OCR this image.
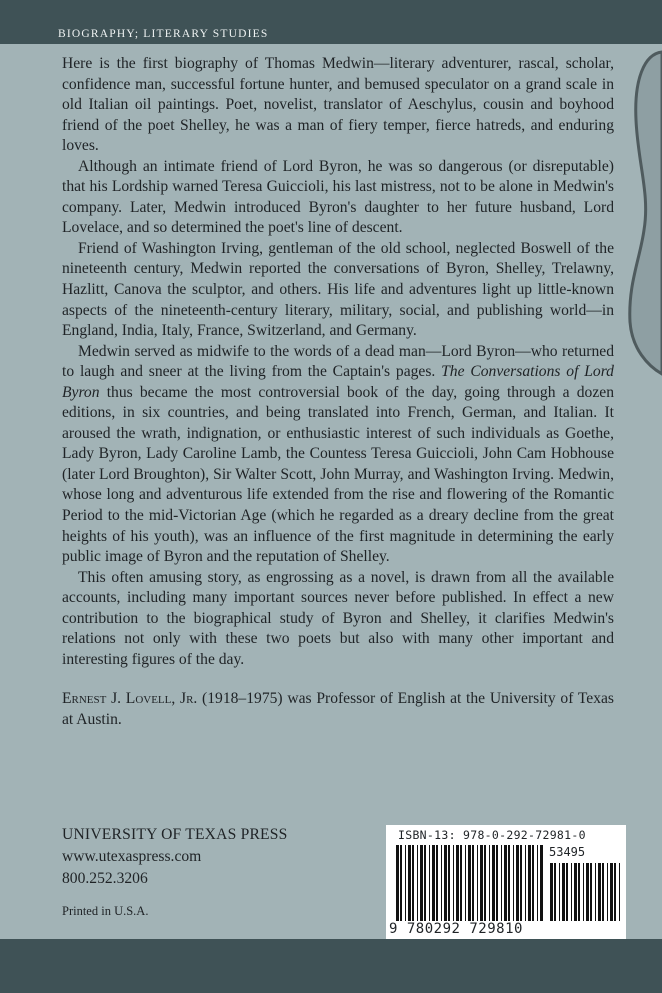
BIOGRAPHY; LITERARY STUDIES

Here is the first biography of Thomas Medwin—literary adventurer, rascal, scholar, confidence man, successful fortune hunter, and bemused speculator on a grand scale in old Italian oil paintings. Poet, novelist, translator of Aeschylus, cousin and boyhood friend of the poet Shelley, he was a man of fiery temper, fierce hatreds, and enduring loves.

Although an intimate friend of Lord Byron, he was so dangerous (or disreputable) that his Lordship warned Teresa Guiccioli, his last mistress, not to be alone in Medwin's company. Later, Medwin introduced Byron's daughter to her future husband, Lord Lovelace, and so determined the poet's line of descent.

Friend of Washington Irving, gentleman of the old school, neglected Boswell of the nineteenth century, Medwin reported the conversations of Byron, Shelley, Trelawny, Hazlitt, Canova the sculptor, and others. His life and adventures light up little-known aspects of the nineteenth-century literary, military, social, and publishing world—in England, India, Italy, France, Switzerland, and Germany.

Medwin served as midwife to the words of a dead man—Lord Byron—who returned to laugh and sneer at the living from the Captain's pages. The Conversations of Lord Byron thus became the most controversial book of the day, going through a dozen editions, in six countries, and being translated into French, German, and Italian. It aroused the wrath, indignation, or enthusiastic interest of such individuals as Goethe, Lady Byron, Lady Caroline Lamb, the Countess Teresa Guiccioli, John Cam Hobhouse (later Lord Broughton), Sir Walter Scott, John Murray, and Washington Irving. Medwin, whose long and adventurous life extended from the rise and flowering of the Romantic Period to the mid-Victorian Age (which he regarded as a dreary decline from the great heights of his youth), was an influence of the first magnitude in determining the early public image of Byron and the reputation of Shelley.

This often amusing story, as engrossing as a novel, is drawn from all the available accounts, including many important sources never before published. In effect a new contribution to the biographical study of Byron and Shelley, it clarifies Medwin's relations not only with these two poets but also with many other important and interesting figures of the day.

Ernest J. Lovell, Jr. (1918–1975) was Professor of English at the University of Texas at Austin.

UNIVERSITY OF TEXAS PRESS
www.utexaspress.com
800.252.3206
Printed in U.S.A.
ISBN-13: 978-0-292-72981-0
53495
9 780292 729810
